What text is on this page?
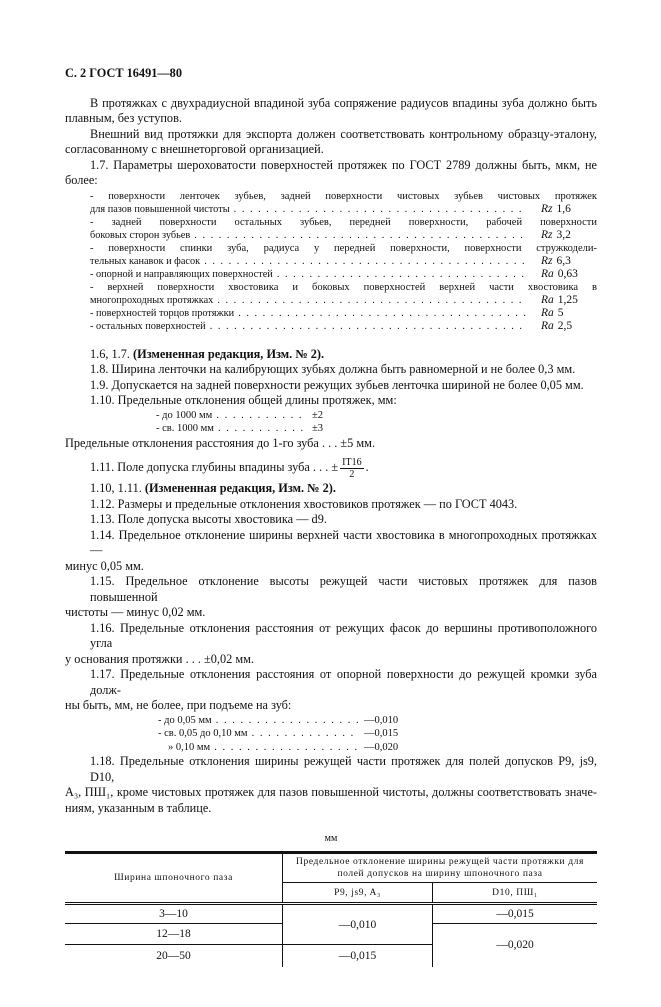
С. 2 ГОСТ 16491—80
В протяжках с двухрадиусной впадиной зуба сопряжение радиусов впадины зуба должно быть
плавным, без уступов.
Внешний вид протяжки для экспорта должен соответствовать контрольному образцу-эталону,
согласованному с внешнеторговой организацией.
1.7. Параметры шероховатости поверхностей протяжек по ГОСТ 2789 должны быть, мкм, не
более:
- поверхности ленточек зубьев, задней поверхности чистовых зубьев чистовых протяжек
для пазов повышенной чистоты . . .	Rz 1,6
- задней поверхности остальных зубьев, передней поверхности, рабочей поверхности
боковых сторон зубьев . . .	Rz 3,2
- поверхности спинки зуба, радиуса у передней поверхности, поверхности стружкодели-
тельных канавок и фасок . . .	Rz 6,3
- опорной и направляющих поверхностей . . .	Ra 0,63
- верхней поверхности хвостовика и боковых поверхностей верхней части хвостовика в
многопроходных протяжках . . .	Ra 1,25
- поверхностей торцов протяжки . . .	Ra 5
- остальных поверхностей . . .	Ra 2,5
1.6, 1.7. (Измененная редакция, Изм. № 2).
1.8. Ширина ленточки на калибрующих зубьях должна быть равномерной и не более 0,3 мм.
1.9. Допускается на задней поверхности режущих зубьев ленточка шириной не более 0,05 мм.
1.10. Предельные отклонения общей длины протяжек, мм:
- до 1000 мм . . .	±2
- св. 1000 мм . . .	±3
Предельные отклонения расстояния до 1-го зуба . . . ±5 мм.
1.11. Поле допуска глубины впадины зуба . . . ± $\frac{IT16}{2}$ .
1.10, 1.11. (Измененная редакция, Изм. № 2).
1.12. Размеры и предельные отклонения хвостовиков протяжек — по ГОСТ 4043.
1.13. Поле допуска высоты хвостовика — d9.
1.14. Предельное отклонение ширины верхней части хвостовика в многопроходных протяжках —
минус 0,05 мм.
1.15. Предельное отклонение высоты режущей части чистовых протяжек для пазов повышенной
чистоты — минус 0,02 мм.
1.16. Предельные отклонения расстояния от режущих фасок до вершины противоположного угла
у основания протяжки . . . ±0,02 мм.
1.17. Предельные отклонения расстояния от опорной поверхности до режущей кромки зуба долж-
ны быть, мм, не более, при подъеме на зуб:
- до 0,05 мм . . .	—0,010
- св. 0,05 до 0,10 мм . . .	—0,015
» 0,10 мм . . .	—0,020
1.18. Предельные отклонения ширины режущей части протяжек для полей допусков P9, js9, D10,
A₃, ПШ₁, кроме чистовых протяжек для пазов повышенной чистоты, должны соответствовать значе-
ниям, указанным в таблице.
мм
Ширина шпоночного паза	Предельное отклонение ширины режущей части протяжки для полей допусков на ширину шпоночного паза	
	P9, js9, A₃	D10, ПШ₁
3—10	—0,010	—0,015
12—18		—0,020
20—50	—0,015	
